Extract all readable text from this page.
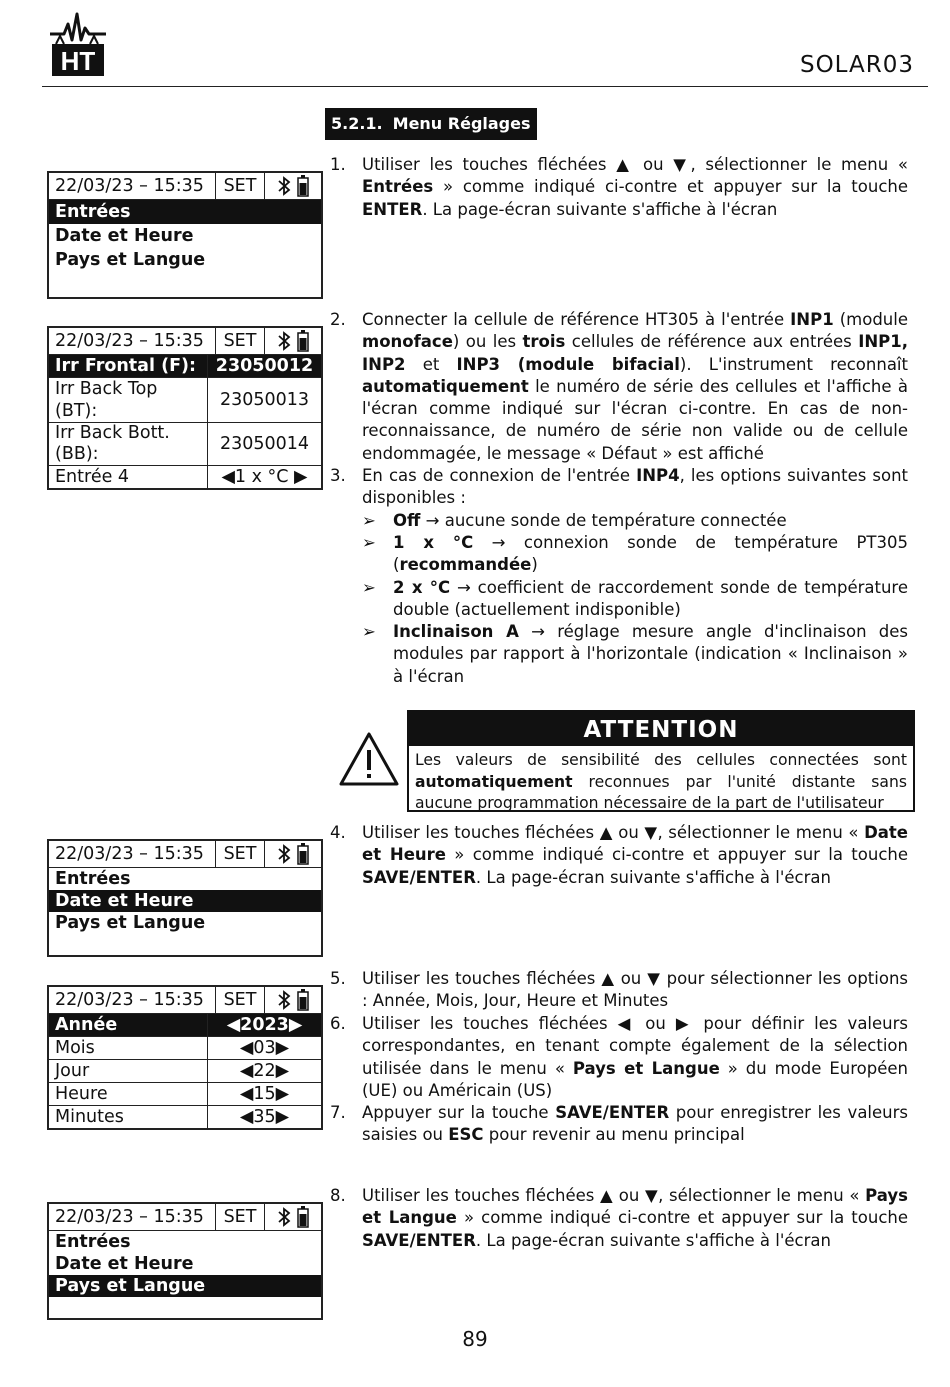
HT	SOLAR03
5.2.1. Menu Réglages
22/03/23 – 15:35	SET
Entrées
Date et Heure
Pays et Langue
22/03/23 – 15:35	SET
Irr Frontal (F):	23050012
Irr Back Top (BT):	23050013
Irr Back Bott. (BB):	23050014
Entrée 4	◀1 x °C ▶
22/03/23 – 15:35	SET
Entrées
Date et Heure
Pays et Langue
22/03/23 – 15:35	SET
Année	◀2023▶
Mois	◀03▶
Jour	◀22▶
Heure	◀15▶
Minutes	◀35▶
22/03/23 – 15:35	SET
Entrées
Date et Heure
Pays et Langue
1. Utiliser les touches fléchées ▲ ou ▼, sélectionner le menu « Entrées » comme indiqué ci-contre et appuyer sur la touche ENTER. La page-écran suivante s'affiche à l'écran
2. Connecter la cellule de référence HT305 à l'entrée INP1 (module monoface) ou les trois cellules de référence aux entrées INP1, INP2 et INP3 (module bifacial). L'instrument reconnaît automatiquement le numéro de série des cellules et l'affiche à l'écran comme indiqué sur l'écran ci-contre. En cas de non-reconnaissance, de numéro de série non valide ou de cellule endommagée, le message « Défaut » est affiché
3. En cas de connexion de l'entrée INP4, les options suivantes sont disponibles :
➢	Off → aucune sonde de température connectée
➢	1 x °C → connexion sonde de température PT305 (recommandée)
➢	2 x °C → coefficient de raccordement sonde de température double (actuellement indisponible)
➢	Inclinaison A → réglage mesure angle d'inclinaison des modules par rapport à l'horizontale (indication « Inclinaison » à l'écran
ATTENTION
Les valeurs de sensibilité des cellules connectées sont automatiquement reconnues par l'unité distante sans aucune programmation nécessaire de la part de l'utilisateur
4. Utiliser les touches fléchées ▲ ou ▼, sélectionner le menu « Date et Heure » comme indiqué ci-contre et appuyer sur la touche SAVE/ENTER. La page-écran suivante s'affiche à l'écran
5. Utiliser les touches fléchées ▲ ou ▼ pour sélectionner les options : Année, Mois, Jour, Heure et Minutes
6. Utiliser les touches fléchées ◀ ou ▶ pour définir les valeurs correspondantes, en tenant compte également de la sélection utilisée dans le menu « Pays et Langue » du mode Européen (UE) ou Américain (US)
7. Appuyer sur la touche SAVE/ENTER pour enregistrer les valeurs saisies ou ESC pour revenir au menu principal
8. Utiliser les touches fléchées ▲ ou ▼, sélectionner le menu « Pays et Langue » comme indiqué ci-contre et appuyer sur la touche SAVE/ENTER. La page-écran suivante s'affiche à l'écran
89
